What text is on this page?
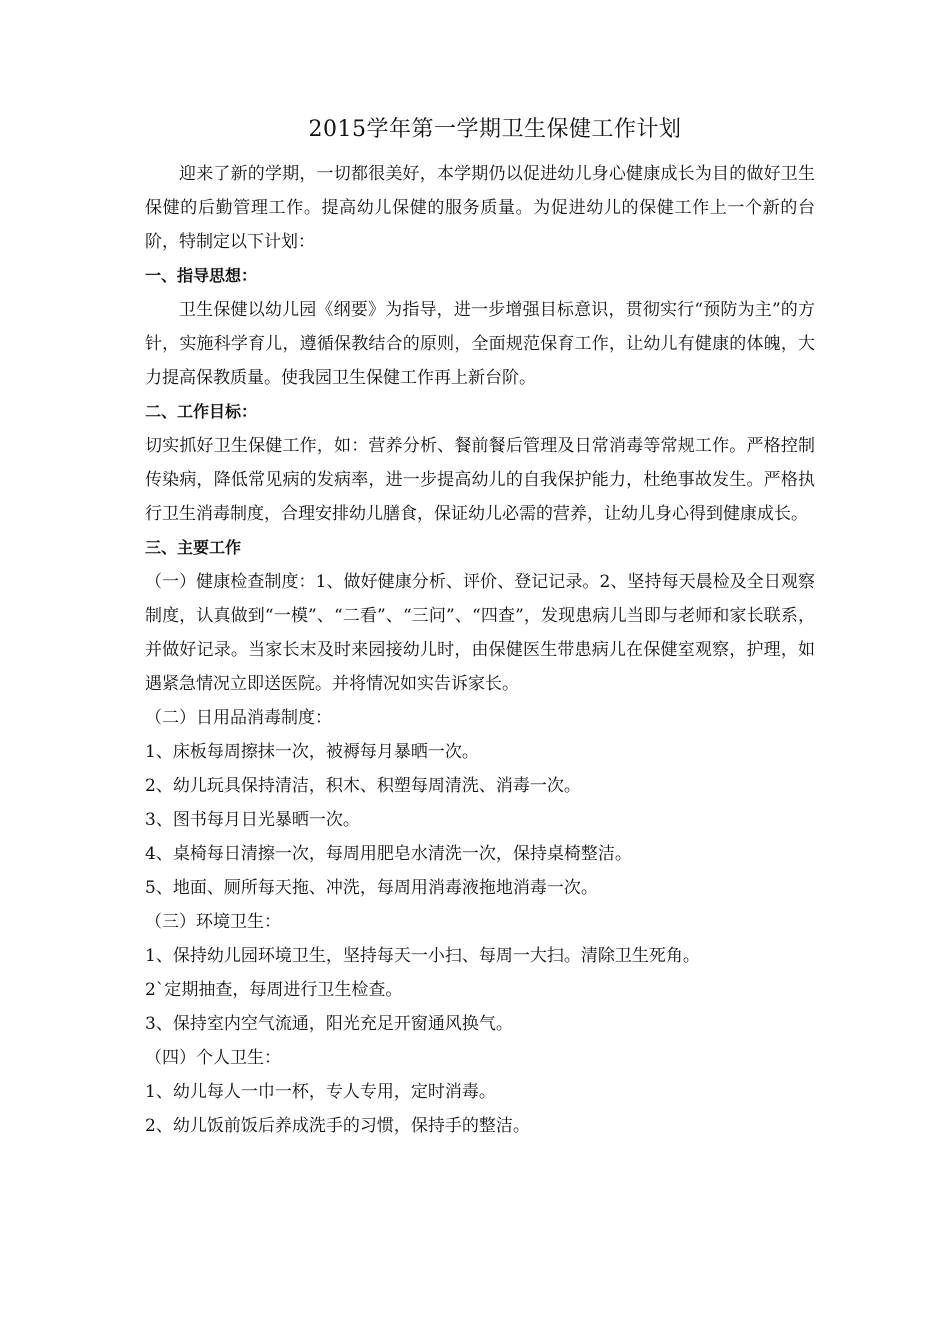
2015学年第一学期卫生保健工作计划

迎来了新的学期，一切都很美好，本学期仍以促进幼儿身心健康成长为目的做好卫生保健的后勤管理工作。提高幼儿保健的服务质量。为促进幼儿的保健工作上一个新的台阶，特制定以下计划：

一、指导思想：

卫生保健以幼儿园《纲要》为指导，进一步增强目标意识，贯彻实行“预防为主”的方针，实施科学育儿，遵循保教结合的原则，全面规范保育工作，让幼儿有健康的体魄，大力提高保教质量。使我园卫生保健工作再上新台阶。

二、工作目标：

切实抓好卫生保健工作，如：营养分析、餐前餐后管理及日常消毒等常规工作。严格控制传染病，降低常见病的发病率，进一步提高幼儿的自我保护能力，杜绝事故发生。严格执行卫生消毒制度，合理安排幼儿膳食，保证幼儿必需的营养，让幼儿身心得到健康成长。

三、主要工作

（一）健康检查制度：1、做好健康分析、评价、登记记录。2、坚持每天晨检及全日观察制度，认真做到“一模”、“二看”、“三问”、“四查”，发现患病儿当即与老师和家长联系，并做好记录。当家长末及时来园接幼儿时，由保健医生带患病儿在保健室观察，护理，如遇紧急情况立即送医院。并将情况如实告诉家长。

（二）日用品消毒制度：
1、床板每周擦抹一次，被褥每月暴晒一次。
2、幼儿玩具保持清洁，积木、积塑每周清洗、消毒一次。
3、图书每月日光暴晒一次。
4、桌椅每日清擦一次，每周用肥皂水清洗一次，保持桌椅整洁。
5、地面、厕所每天拖、冲洗，每周用消毒液拖地消毒一次。
（三）环境卫生：
1、保持幼儿园环境卫生，坚持每天一小扫、每周一大扫。清除卫生死角。
2`定期抽查，每周进行卫生检查。
3、保持室内空气流通，阳光充足开窗通风换气。
（四）个人卫生：
1、幼儿每人一巾一杯，专人专用，定时消毒。
2、幼儿饭前饭后养成洗手的习惯，保持手的整洁。
